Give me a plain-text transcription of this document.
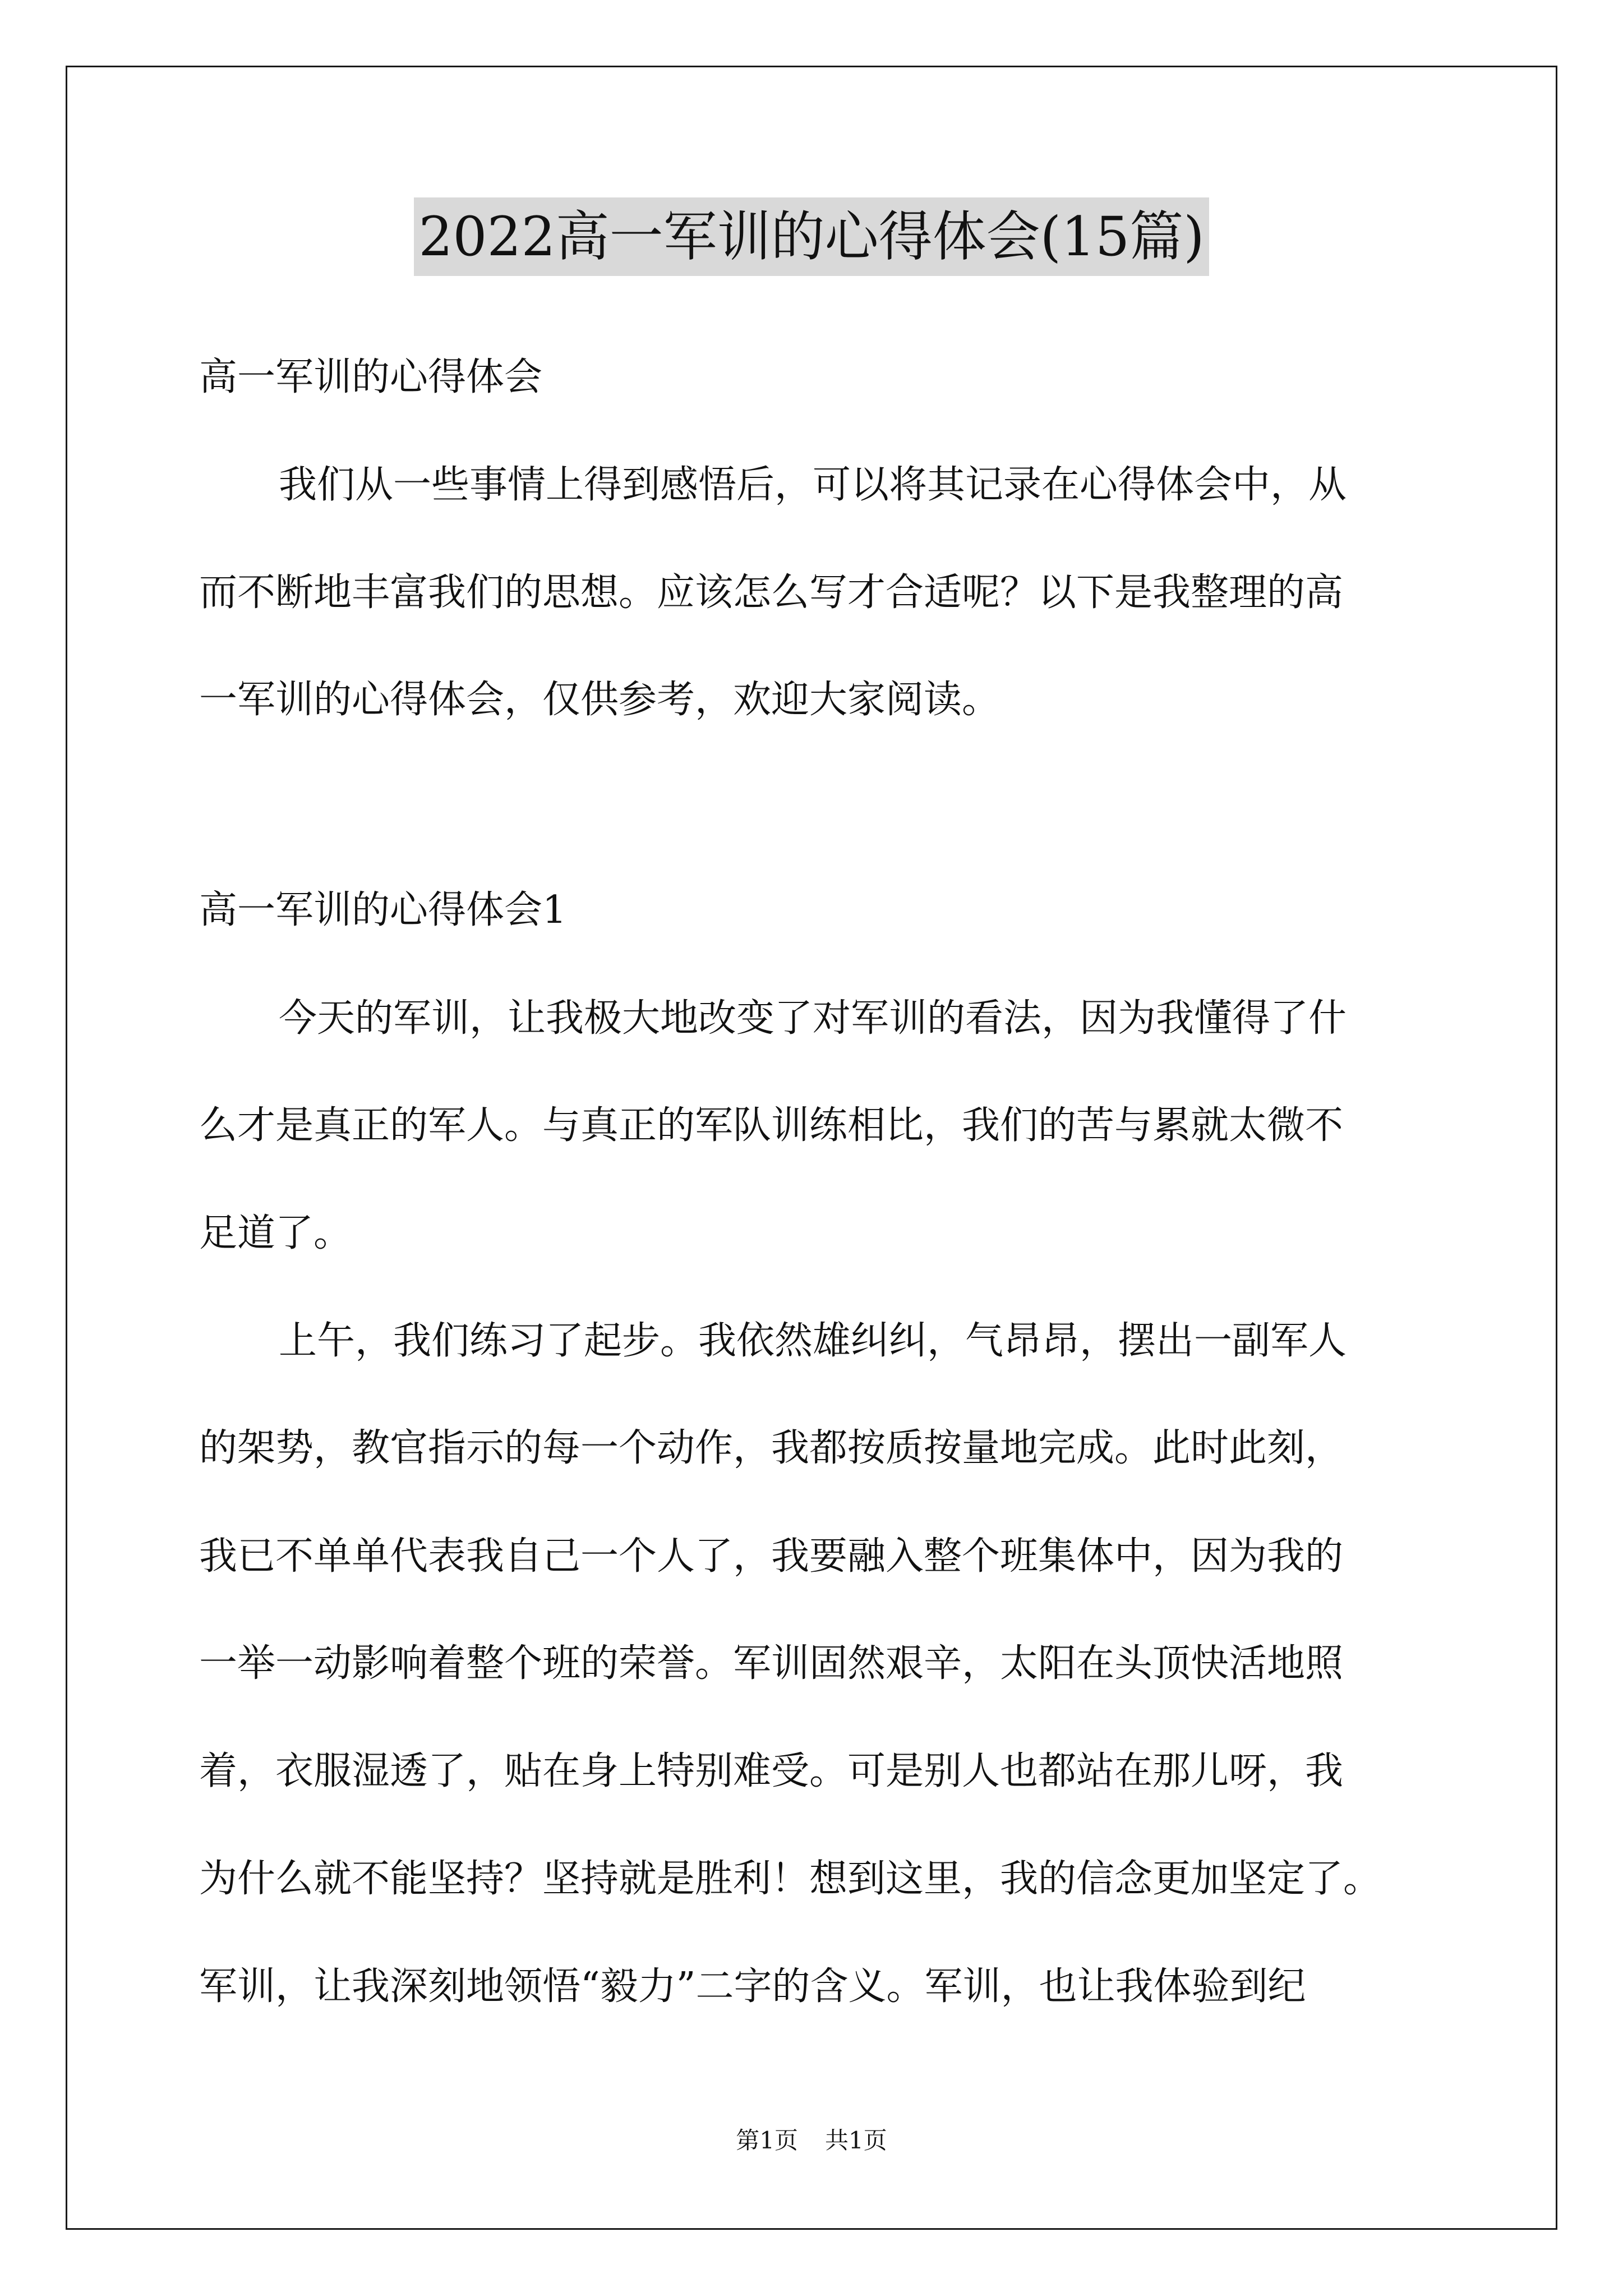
2022高一军训的心得体会(15篇)
高一军训的心得体会
我们从一些事情上得到感悟后，可以将其记录在心得体会中，从
而不断地丰富我们的思想。应该怎么写才合适呢？以下是我整理的高
一军训的心得体会，仅供参考，欢迎大家阅读。
高一军训的心得体会1
今天的军训，让我极大地改变了对军训的看法，因为我懂得了什
么才是真正的军人。与真正的军队训练相比，我们的苦与累就太微不
足道了。
上午，我们练习了起步。我依然雄纠纠，气昂昂，摆出一副军人
的架势，教官指示的每一个动作，我都按质按量地完成。此时此刻，
我已不单单代表我自己一个人了，我要融入整个班集体中，因为我的
一举一动影响着整个班的荣誉。军训固然艰辛，太阳在头顶快活地照
着，衣服湿透了，贴在身上特别难受。可是别人也都站在那儿呀，我
为什么就不能坚持？坚持就是胜利！想到这里，我的信念更加坚定了。
军训，让我深刻地领悟“毅力”二字的含义。军训，也让我体验到纪
第1页 共1页
